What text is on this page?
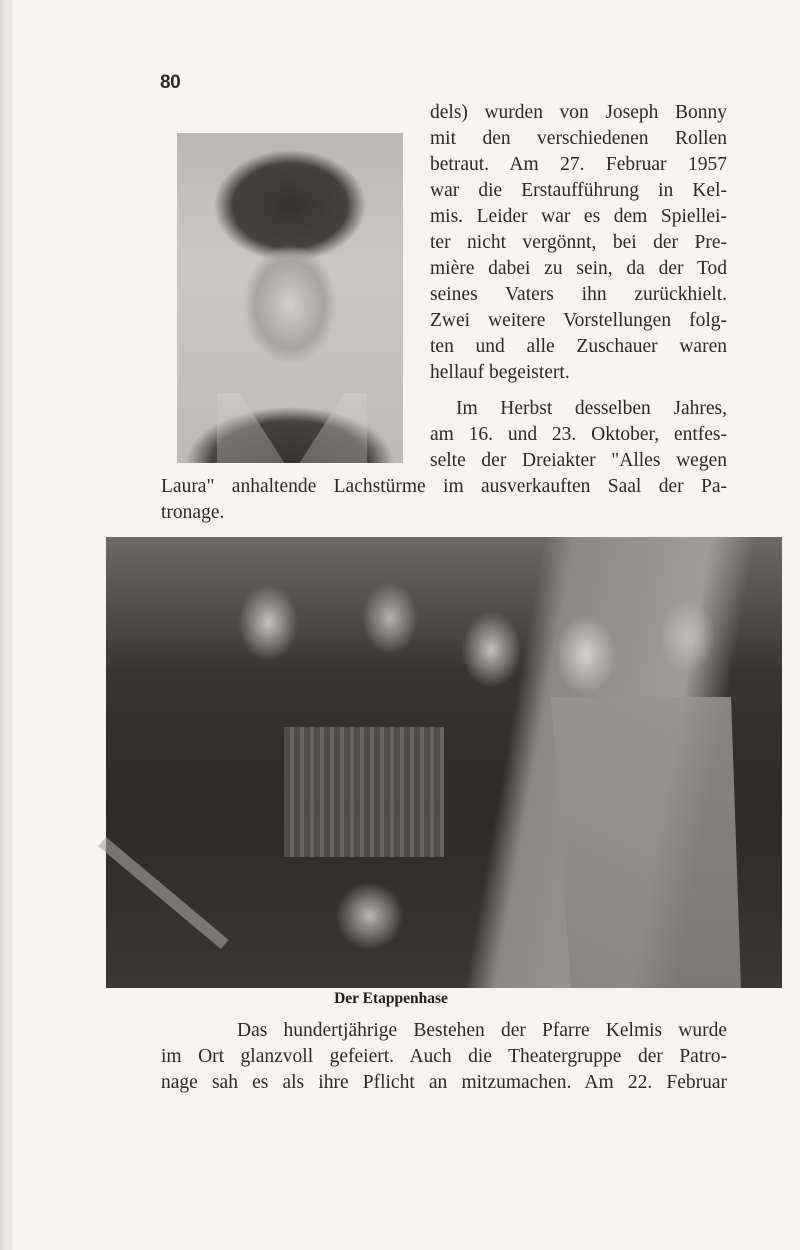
80
dels) wurden von Joseph Bonny
mit den verschiedenen Rollen
betraut. Am 27. Februar 1957
war die Erstaufführung in Kel-
mis. Leider war es dem Spiellei-
ter nicht vergönnt, bei der Pre-
mière dabei zu sein, da der Tod
seines Vaters ihn zurückhielt.
Zwei weitere Vorstellungen folg-
ten und alle Zuschauer waren
hellauf begeistert.
Im Herbst desselben Jahres,
am 16. und 23. Oktober, entfes-
selte der Dreiakter "Alles wegen
Laura" anhaltende Lachstürme im ausverkauften Saal der Pa-
tronage.
Der Etappenhase
Das hundertjährige Bestehen der Pfarre Kelmis wurde
im Ort glanzvoll gefeiert. Auch die Theatergruppe der Patro-
nage sah es als ihre Pflicht an mitzumachen. Am 22. Februar
